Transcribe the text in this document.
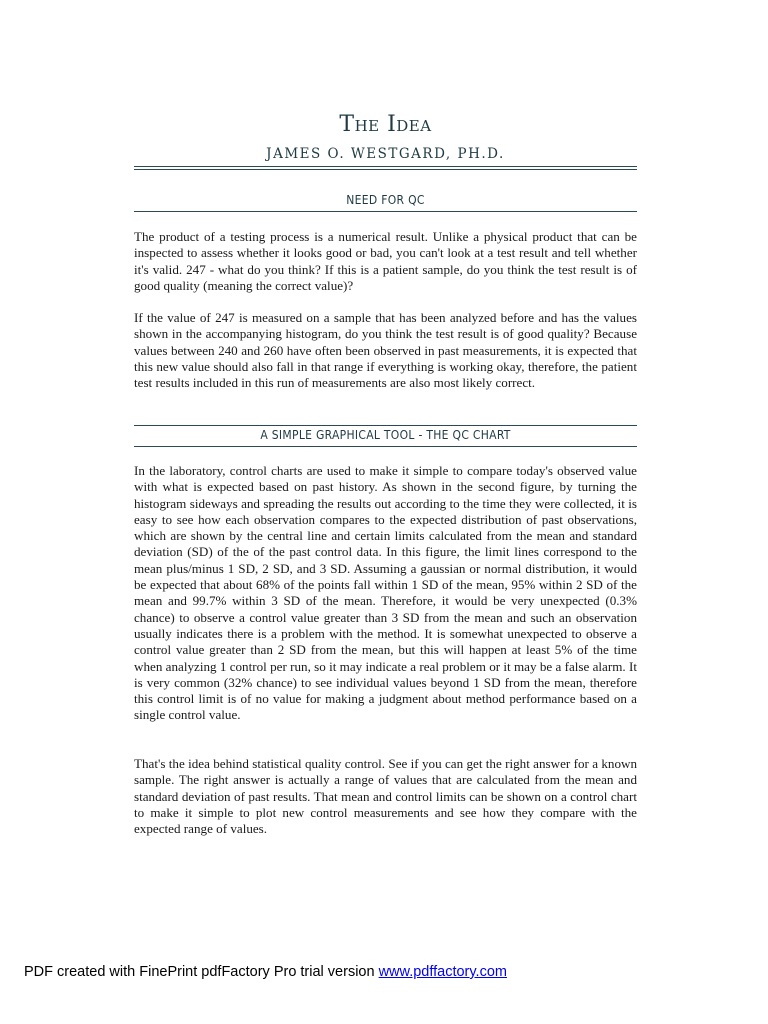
The Idea
JAMES O. WESTGARD, PH.D.
NEED FOR QC
The product of a testing process is a numerical result. Unlike a physical product that can be inspected to assess whether it looks good or bad, you can't look at a test result and tell whether it's valid. 247 - what do you think? If this is a patient sample, do you think the test result is of good quality (meaning the correct value)?
If the value of 247 is measured on a sample that has been analyzed before and has the values shown in the accompanying histogram, do you think the test result is of good quality? Because values between 240 and 260 have often been observed in past measurements, it is expected that this new value should also fall in that range if everything is working okay, therefore, the patient test results included in this run of measurements are also most likely correct.
A SIMPLE GRAPHICAL TOOL - THE QC CHART
In the laboratory, control charts are used to make it simple to compare today's observed value with what is expected based on past history. As shown in the second figure, by turning the histogram sideways and spreading the results out according to the time they were collected, it is easy to see how each observation compares to the expected distribution of past observations, which are shown by the central line and certain limits calculated from the mean and standard deviation (SD) of the of the past control data. In this figure, the limit lines correspond to the mean plus/minus 1 SD, 2 SD, and 3 SD. Assuming a gaussian or normal distribution, it would be expected that about 68% of the points fall within 1 SD of the mean, 95% within 2 SD of the mean and 99.7% within 3 SD of the mean. Therefore, it would be very unexpected (0.3% chance) to observe a control value greater than 3 SD from the mean and such an observation usually indicates there is a problem with the method. It is somewhat unexpected to observe a control value greater than 2 SD from the mean, but this will happen at least 5% of the time when analyzing 1 control per run, so it may indicate a real problem or it may be a false alarm. It is very common (32% chance) to see individual values beyond 1 SD from the mean, therefore this control limit is of no value for making a judgment about method performance based on a single control value.
That's the idea behind statistical quality control. See if you can get the right answer for a known sample. The right answer is actually a range of values that are calculated from the mean and standard deviation of past results. That mean and control limits can be shown on a control chart to make it simple to plot new control measurements and see how they compare with the expected range of values.
PDF created with FinePrint pdfFactory Pro trial version www.pdffactory.com
